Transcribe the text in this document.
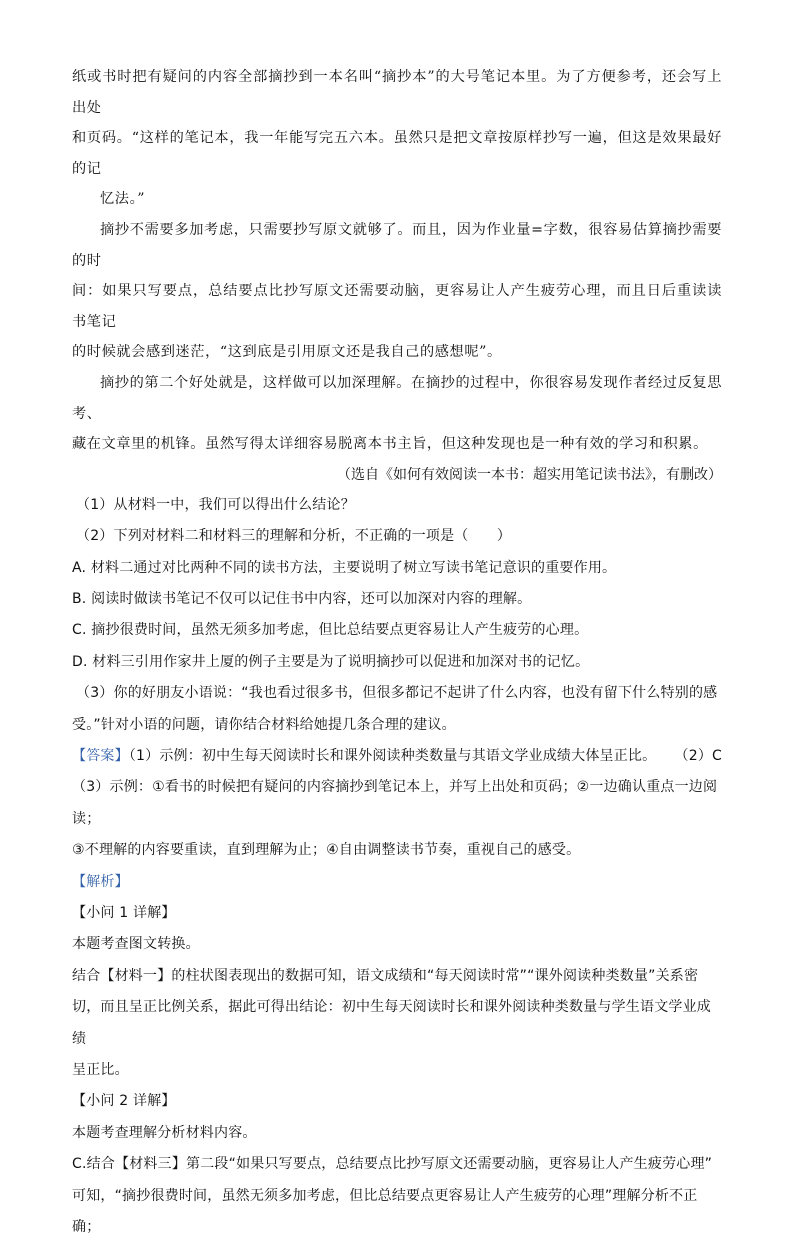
纸或书时把有疑问的内容全部摘抄到一本名叫“摘抄本”的大号笔记本里。为了方便参考，还会写上出处

和页码。“这样的笔记本，我一年能写完五六本。虽然只是把文章按原样抄写一遍，但这是效果最好的记

忆法。”

摘抄不需要多加考虑，只需要抄写原文就够了。而且，因为作业量=字数，很容易估算摘抄需要的时

间：如果只写要点，总结要点比抄写原文还需要动脑，更容易让人产生疲劳心理，而且日后重读读书笔记

的时候就会感到迷茫，“这到底是引用原文还是我自己的感想呢”。

摘抄的第二个好处就是，这样做可以加深理解。在摘抄的过程中，你很容易发现作者经过反复思考、

藏在文章里的机锋。虽然写得太详细容易脱离本书主旨，但这种发现也是一种有效的学习和积累。

（选自《如何有效阅读一本书：超实用笔记读书法》，有删改）

（1）从材料一中，我们可以得出什么结论？

（2）下列对材料二和材料三的理解和分析，不正确的一项是（　　）

A. 材料二通过对比两种不同的读书方法，主要说明了树立写读书笔记意识的重要作用。

B. 阅读时做读书笔记不仅可以记住书中内容，还可以加深对内容的理解。

C. 摘抄很费时间，虽然无须多加考虑，但比总结要点更容易让人产生疲劳的心理。

D. 材料三引用作家井上厦的例子主要是为了说明摘抄可以促进和加深对书的记忆。

（3）你的好朋友小语说：“我也看过很多书，但很多都记不起讲了什么内容，也没有留下什么特别的感

受。”针对小语的问题，请你结合材料给她提几条合理的建议。

【答案】（1）示例：初中生每天阅读时长和课外阅读种类数量与其语文学业成绩大体呈正比。 （2）C

（3）示例：①看书的时候把有疑问的内容摘抄到笔记本上，并写上出处和页码；②一边确认重点一边阅读；

③不理解的内容要重读，直到理解为止；④自由调整读书节奏，重视自己的感受。

【解析】

【小问 1 详解】

本题考查图文转换。

结合【材料一】的柱状图表现出的数据可知，语文成绩和“每天阅读时常”“课外阅读种类数量”关系密

切，而且呈正比例关系，据此可得出结论：初中生每天阅读时长和课外阅读种类数量与学生语文学业成绩

呈正比。

【小问 2 详解】

本题考查理解分析材料内容。

C.结合【材料三】第二段“如果只写要点，总结要点比抄写原文还需要动脑，更容易让人产生疲劳心理”

可知，“摘抄很费时间，虽然无须多加考虑，但比总结要点更容易让人产生疲劳的心理”理解分析不正

确；
